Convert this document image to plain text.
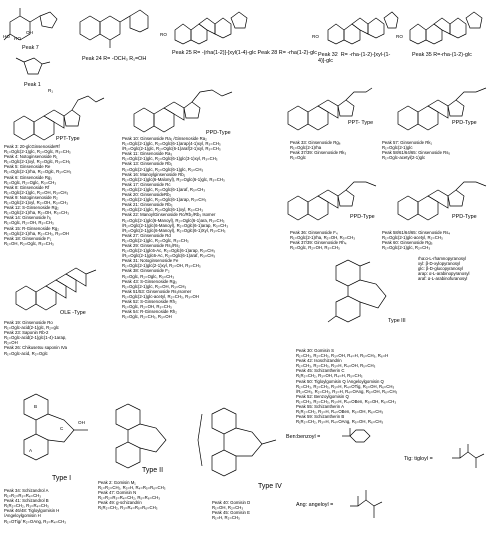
HO HO
OH
Peak 7
Peak 1
Peak 24 R= -OCH₃ R₁=OH
RO
Peak 25 R= -(rha(1-2)]-[xyl(1-4)-glc Peak 28 R= -rha(1-2)-glc
RO
Peak 32  R= -rha-(1-2)-[xyl-(1-
4)]-glc
RO
Peak 35 R=-rha-(1-2)-glc
R₁
PPT-Type
Peak 3: 20-glcGinsenosideRf
R₁=Oglc(2-1)glc, R₂=Oglc, R₃=CH₃
Peak 4: Notoginsenoside R₁
R₁=Oglc(2-1)xyl, R₂=Oglc, R₃=CH₃
Peak 5: Ginsenoside Re
R₁=Oglc(2-1)rha, R₂=Oglc, R₃=CH₃
Peak 6: Ginsenoside Rg₁
R₁=Oglc, R₂=Oglc, R₃=CH₃
Peak 8: Ginsenoside Rf
R₁=Oglc(2-1)glc, R₂=OH, R₃=CH₃
Peak 9: Notoginsenoside R₂
R₁=Oglc(2-1)xyl, R₂=OH, R₃=CH₃
Peak 12: S-Ginsenoside Rg₂
R₁=Oglc(2-1)rha, R₂=OH, R₃=CH₃
Peak 14: Ginsenoside h₁
R₁=Oglc, R₂=OH, R₃=CH₃
Peak 15: R-Ginsenoside Rg₂
R₁=Oglc(2-1)rha, R₂=CH₃, R₃=OH
Peak 18: Ginsenoside F₁
R₁=OH, R₂=Oglc, R₃=CH₃
OLE -Type
Peak 19: Ginsenoside Ro
R₁=Oglc-acid(2-1)glc, R₂=glc
Peak 23: Saponin Rb-2
R₁=Oglc-acid(2-1)glc(1-4)-1arap,
R₂=OH
Peak 26: Chikusetsu saponin IVa
R₁=Oglc-acid, R₂=Oglc
PPD-Type
Peak 10: Ginsenoside Ra₁ /Ginsenoside Ra₂
R₁=Oglc(2-1)glc, R₂=Oglc(6-1)arap(4-1)xyl, R₃=CH₃
/R₁=Oglc(2-1)glc, R₂=Oglc(6-1)araf(2-1)xyl, R₃=CH₃
Peak 11: Ginsenoside Ra₃
R₁=Oglc(2-1)glc, R₂=Oglc(6-1)glc(3-1)xyl, R₃=CH₃
Peak 13: Ginsenoside Rb₁
R₁=Oglc(2-1)glc, R₂=Oglc(6-1)glc, R₃=CH₃
Peak 16: Manoylginsenoside Rb₁
R₁=Oglc(2-1)glc(6-Malonyl), R₂=Oglc(6-1)glc, R₃=CH₃
Peak 17: Ginsenoside Rc
R₁=Oglc(2-1)glc, R₂=Oglc(6-1)araf, R₃=CH₃
Peak 20: GinsenosideRb₂
R₁=Oglc(2-1)glc, R₂=Oglc(6-1)arap, R₃=CH₃
Peak 21: Ginsenoside Rb₃
R₁=Oglc(2-1)glc, R₂=Oglc(6-1)xyl, R₃=CH₃
Peak 22: ManoylGinsenoside Rc/Rb₂/Rb₃ Isomer
R₁=Oglc(2-1)glc(6-Manoyl), R₂=Oglc(6-1)ara, R₃=CH₃
/R₁=Oglc(2-1)glc(6-Manoyl), R₂=Oglc(6-1)arap, R₃=CH₃
/R₁=Oglc(2-1)glc(6-Manoyl), R₂=Oglc(6-1)Xyl, R₃=CH₃
Peak 27: Ginsenoside Rd
R₁=Oglc(2-1)glc, R₂=Oglc, R₃=CH₃
Peak 29: Ginsenoside Rs₁/Rs₂
R₁=Oglc(2-1)glc6-Ac, R₂=Oglc(6-1)arap, R₃=CH₃
/R₁=Oglc(2-1)glc6-Ac, R₂=Oglc(6-1)araf, R₃=CH₃
Peak 31: Notoginsenoside Fe
R₁=Oglc(2-1)glc(2-1)xyl, R₂=OH, R₃=CH₃
Peak 38: Ginsenoside F₂
R₁=Oglc, R₂=Oglc, R₃=CH₃
Peak 43: S-Ginsenoside Rg₃
R₁=Oglc(2-1)glc, R₂=OH, R₃=CH₃
Peak 51/53: Ginsenoside Rs₃Isomer
R₁=Oglc(2-1)glc-acetyl, R₂=CH₃, R₃=OH
Peak 52: S-Ginsenoside Rh₂
R₁=Oglc, R₂=OH, R₃=CH₃
Peak 54: R-Ginsenoside Rh₂
R₁=Oglc, R₂=CH₃, R₃=OH
PPT- Type	PPD-Type
Peak 33: Ginsenoside Rg₆
R₁=Oglc(2-1)rha
Peak 37/39: Ginsenoside Rk₃
R₁=Oglc
Peak 57: Ginsenoside Rk₁
R₁=Oglc(2-1)glc
Peak 58/61/64/65: Ginsenoside Rs₅
R₁=Oglc-acetyl(2-1)glc
PPD-Type	PPD-Type
Peak 36: Ginsenoside F₄
R₁=Oglc(2-1)rha, R₂=OH, R₃=CH₃
Peak 37/39: Ginsenoside Rh₄
R₁=Oglc, R₂=OH, R₃=CH₃
Peak 58/61/64/65: Ginsenoside Rs₄
R₁=Oglc(2-1)glc-acetyl, R₂=CH₃
Peak 60: Ginsenoside Rg₅
R₁=Oglc(2-1)glc, R₂=CH₃
rha:α-L-rhamnopyranosyl
xyl: β-D-xylopyranosyl
glc: β-D-glucopyranosyl
arap: α-L-arabinopyranosyl
araf: α-L-arabinofuranosyl
Type III
Peak 30: Gomisin S
R₁=CH₃, R₂=CH₃, R₃=OH, R₄=H, R₅=CH₃, R₆=H
Peak 42: Isoschizandrin
R₁=CH₃, R₂=CH₃, R₃=H, R₄=OH, R₅=CH₃
Peak 45: Schizantherin C
R₁R₂=CH₂, R₃=OH, R₄=H, R₅=CH₃
Peak 50: Tigloylgomisin Q /Angeloylgomisin Q
R₁=CH₃, R₂=CH₃, R₃=H, R₄=OTig, R₅=OH, R₆=CH₃
/R₁=CH₃, R₂=CH₃, R₃=H, R₄=OAng, R₅=OH, R₆=CH₃
Peak 52: Benzoylgomisin Q
R₁=CH₃, R₂=CH₃, R₃=H, R₄=OBen, R₅=OH, R₆=CH₃
Peak 55: Schizantherin A
R₁R₂=CH₂, R₃=H, R₄=OBen, R₅=OH, R₆=CH₃
Peak 59: Schizantherin B
R₁R₂=CH₂, R₃=H, R₄=OAng, R₅=OH, R₆=CH₃
B
A
C
OH
Type I
Peak 34: Schizandrol A
R₁=R₂=R₃=R₄=CH₃
Peak 41: Schizandrol B
R₁R₂=CH₂, R₃=R₄=CH₃
Peak 46/48: Tigloylgomisin H
/Angeloylgomisin H
R₁=OTig/ R₂=OAng, R₃=R₄=CH₃
Type II
Peak 2: Gomisin M₁
R₁=R₂=CH₂, R₃=H, R₄=R₅=R₆=CH₃
Peak 47: Gomisin N
R₁=R₂=R₃=R₄=CH₂, R₅=R₆=CH₃
Peak 49: g-schizandrin
R₁R₂=CH₂, R₃=R₄=R₅=R₆=CH₃
Type IV
Peak 40: Gomisin D
R₁=OH, R₂=CH₃
Peak 45: Gomisin E
R₁=H, R₂=CH₃
Ben:benzoyl =
Tig: tigloyl =
Ang: angeloyl =
